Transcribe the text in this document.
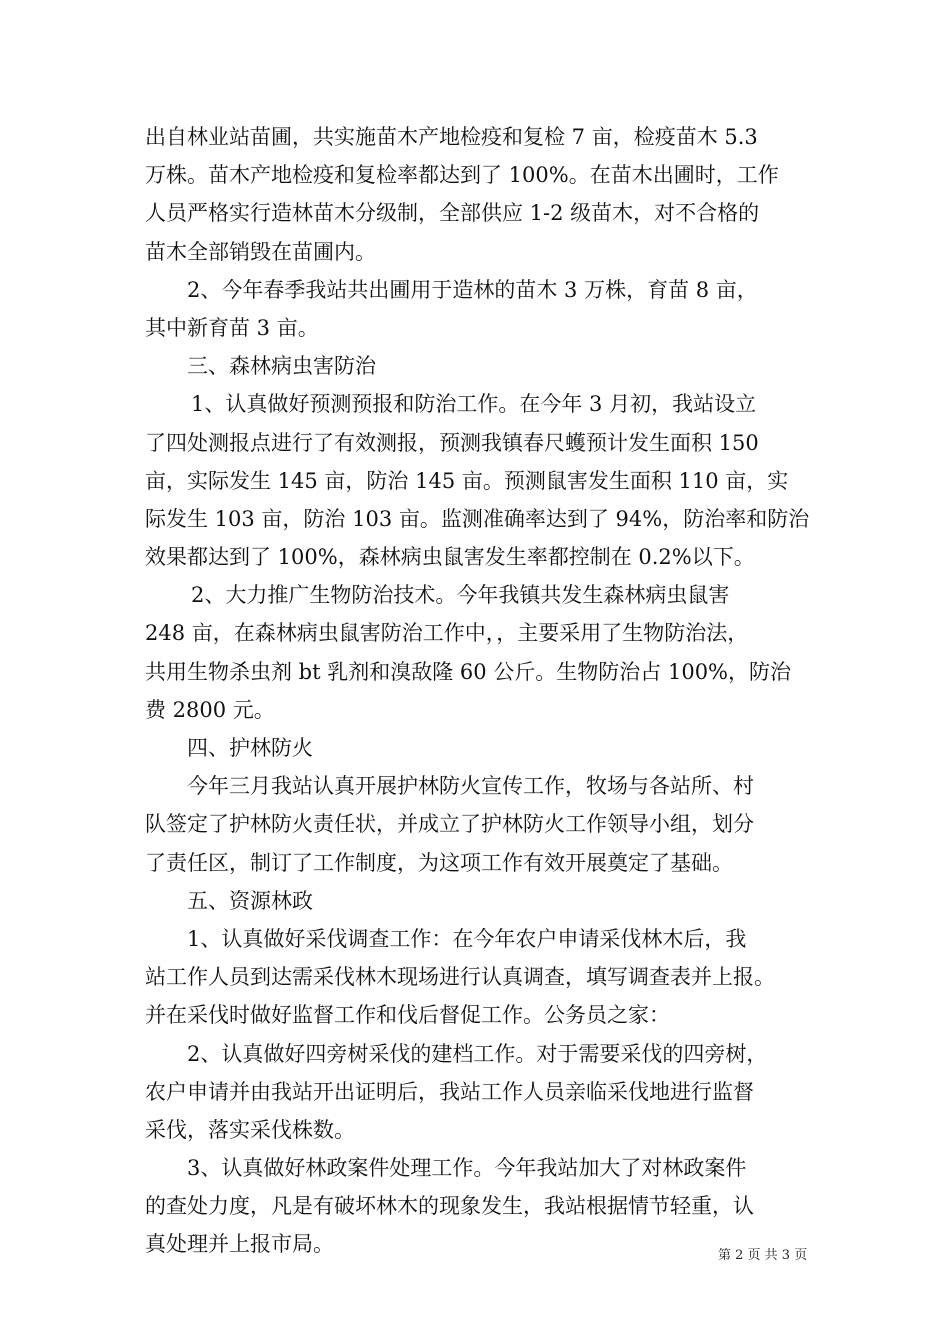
出自林业站苗圃，共实施苗木产地检疫和复检 7 亩，检疫苗木 5.3
万株。苗木产地检疫和复检率都达到了 100%。在苗木出圃时，工作
人员严格实行造林苗木分级制，全部供应 1-2 级苗木，对不合格的
苗木全部销毁在苗圃内。
2、今年春季我站共出圃用于造林的苗木 3 万株，育苗 8 亩，
其中新育苗 3 亩。
三、森林病虫害防治
1、认真做好预测预报和防治工作。在今年 3 月初，我站设立
了四处测报点进行了有效测报，预测我镇春尺蠖预计发生面积 150
亩，实际发生 145 亩，防治 145 亩。预测鼠害发生面积 110 亩，实
际发生 103 亩，防治 103 亩。监测准确率达到了 94%，防治率和防治
效果都达到了 100%，森林病虫鼠害发生率都控制在 0.2%以下。
2、大力推广生物防治技术。今年我镇共发生森林病虫鼠害
248 亩，在森林病虫鼠害防治工作中，，主要采用了生物防治法，
共用生物杀虫剂 bt 乳剂和溴敌隆 60 公斤。生物防治占 100%，防治
费 2800 元。
四、护林防火
今年三月我站认真开展护林防火宣传工作，牧场与各站所、村
队签定了护林防火责任状，并成立了护林防火工作领导小组，划分
了责任区，制订了工作制度，为这项工作有效开展奠定了基础。
五、资源林政
1、认真做好采伐调查工作：在今年农户申请采伐林木后，我
站工作人员到达需采伐林木现场进行认真调查，填写调查表并上报。
并在采伐时做好监督工作和伐后督促工作。公务员之家：
2、认真做好四旁树采伐的建档工作。对于需要采伐的四旁树，
农户申请并由我站开出证明后，我站工作人员亲临采伐地进行监督
采伐，落实采伐株数。
3、认真做好林政案件处理工作。今年我站加大了对林政案件
的查处力度，凡是有破坏林木的现象发生，我站根据情节轻重，认
真处理并上报市局。	第 2 页 共 3 页
